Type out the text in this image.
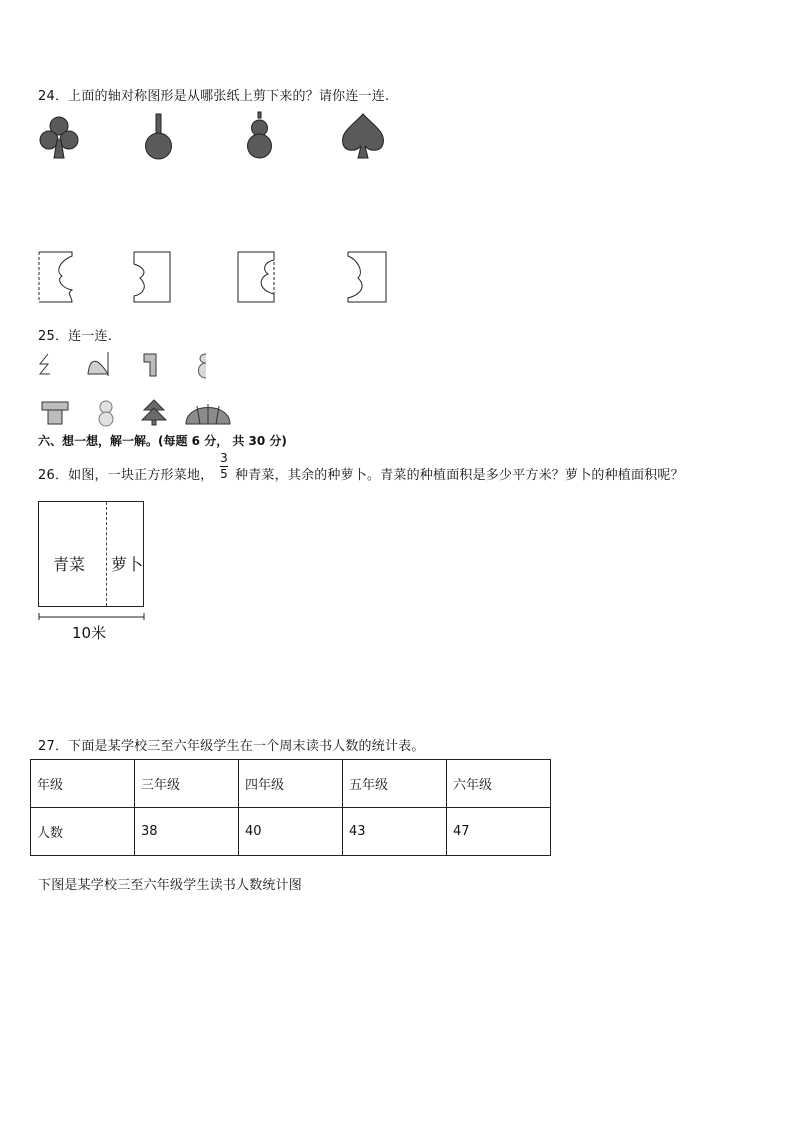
24．上面的轴对称图形是从哪张纸上剪下来的？请你连一连.
25．连一连.
六、想一想，解一解。(每题 6 分， 共 30 分)
26．如图，一块正方形菜地，
3
5 种青菜，其余的种萝卜。青菜的种植面积是多少平方米？萝卜的种植面积呢？
青菜 萝卜
10米
27．下面是某学校三至六年级学生在一个周末读书人数的统计表。
年级	三年级	四年级	五年级	六年级
人数	38	40	43	47
下图是某学校三至六年级学生读书人数统计图
